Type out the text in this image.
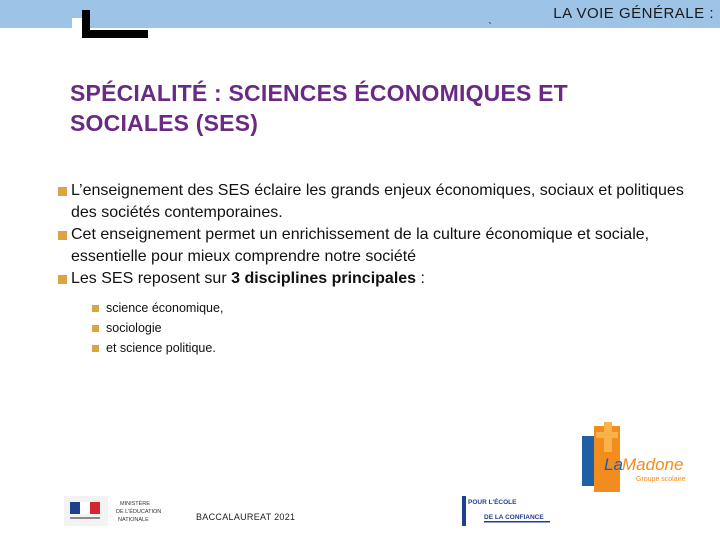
`
LA VOIE GÉNÉRALE :
SPÉCIALITÉ : SCIENCES ÉCONOMIQUES ET SOCIALES (SES)

L’enseignement des SES éclaire les grands enjeux économiques, sociaux et politiques des sociétés contemporaines.

Cet enseignement permet un enrichissement de la culture économique et sociale, essentielle pour mieux comprendre notre société

Les SES reposent sur 3 disciplines principales :

science économique,
sociologie
et science politique.
La Madone
Groupe scolaire
MINISTÈRE
DE L'ÉDUCATION
NATIONALE	BACCALAUREAT 2021
POUR L'ÉCOLE
DE LA CONFIANCE
